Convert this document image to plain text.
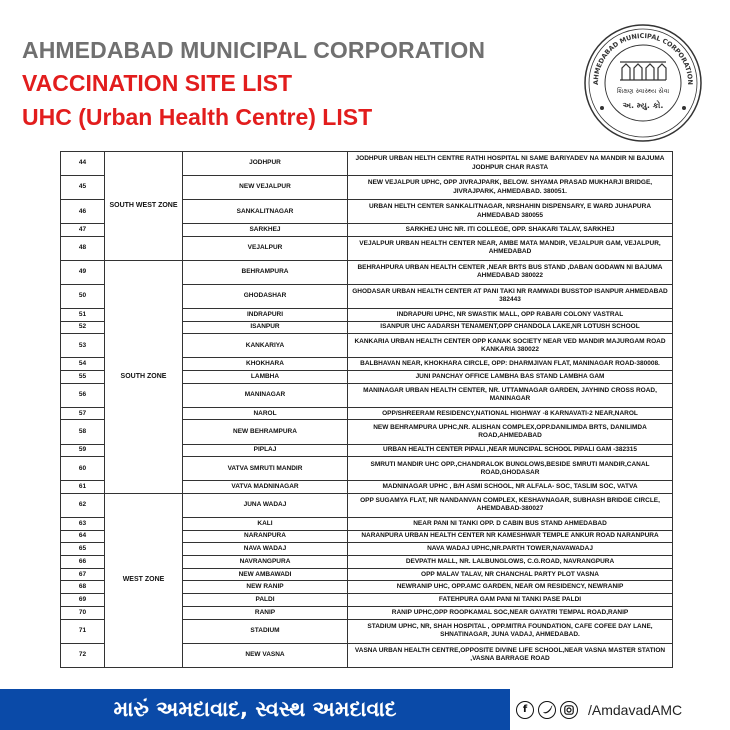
AHMEDABAD MUNICIPAL CORPORATION
VACCINATION SITE LIST
UHC (Urban Health Centre) LIST
AHMEDABAD MUNICIPAL CORPORATION
શિક્ષણ સ્વાસ્થ્ય સેવા
અ. મ્યુ. કો.
44	SOUTH WEST ZONE	JODHPUR	JODHPUR URBAN HELTH CENTRE RATHI HOSPITAL NI SAME BARIYADEV NA MANDIR NI BAJUMA JODHPUR CHAR RASTA
45		NEW VEJALPUR	NEW VEJALPUR UPHC, OPP JIVRAJPARK, BELOW. SHYAMA PRASAD MUKHARJI BRIDGE, JIVRAJPARK, AHMEDABAD. 380051.
46		SANKALITNAGAR	URBAN HELTH CENTER SANKALITNAGAR, NRSHAHIN DISPENSARY, E WARD JUHAPURA AHMEDABAD 380055
47		SARKHEJ	SARKHEJ UHC NR. ITI COLLEGE, OPP. SHAKARI TALAV, SARKHEJ
48		VEJALPUR	VEJALPUR URBAN HEALTH CENTER NEAR, AMBE MATA MANDIR, VEJALPUR GAM, VEJALPUR, AHMEDABAD
49	SOUTH ZONE	BEHRAMPURA	BEHRAHPURA URBAN HEALTH CENTER ,NEAR BRTS BUS STAND ,DABAN GODAWN NI BAJUMA AHMEDABAD 380022
50		GHODASHAR	GHODASAR URBAN HEALTH CENTER AT PANI TAKI NR RAMWADI BUSSTOP ISANPUR AHMEDABAD 382443
51		INDRAPURI	INDRAPURI UPHC, NR SWASTIK MALL, OPP RABARI COLONY VASTRAL
52		ISANPUR	ISANPUR UHC AADARSH TENAMENT,OPP CHANDOLA LAKE,NR LOTUSH SCHOOL
53		KANKARIYA	KANKARIA URBAN HEALTH CENTER OPP KANAK SOCIETY NEAR VED MANDIR MAJURGAM ROAD KANKARIA 380022
54		KHOKHARA	BALBHAVAN NEAR, KHOKHARA CIRCLE, OPP: DHARMJIVAN FLAT, MANINAGAR ROAD-380008.
55		LAMBHA	JUNI PANCHAY OFFICE LAMBHA BAS STAND LAMBHA GAM
56		MANINAGAR	MANINAGAR URBAN HEALTH CENTER, NR. UTTAMNAGAR GARDEN, JAYHIND CROSS ROAD, MANINAGAR
57		NAROL	OPP/SHREERAM RESIDENCY,NATIONAL HIGHWAY -8 KARNAVATI-2 NEAR,NAROL
58		NEW BEHRAMPURA	NEW BEHRAMPURA UPHC,NR. ALISHAN COMPLEX,OPP.DANILIMDA BRTS, DANILIMDA ROAD,AHMEDABAD
59		PIPLAJ	URBAN HEALTH CENTER PIPALI ,NEAR MUNCIPAL SCHOOL PIPALI GAM -382315
60		VATVA SMRUTI MANDIR	SMRUTI MANDIR UHC OPP.,CHANDRALOK BUNGLOWS,BESIDE SMRUTI MANDIR,CANAL ROAD,GHODASAR
61		VATVA MADNINAGAR	MADNINAGAR UPHC , B/H ASMI SCHOOL, NR ALFALA- SOC, TASLIM SOC, VATVA
62	WEST ZONE	JUNA WADAJ	OPP SUGAMYA FLAT, NR NANDANVAN COMPLEX, KESHAVNAGAR, SUBHASH BRIDGE CIRCLE, AHEMDABAD-380027
63		KALI	NEAR PANI NI TANKI OPP. D CABIN BUS STAND AHMEDABAD
64		NARANPURA	NARANPURA URBAN HEALTH CENTER NR KAMESHWAR TEMPLE ANKUR ROAD NARANPURA
65		NAVA WADAJ	NAVA WADAJ UPHC,NR.PARTH TOWER,NAVAWADAJ
66		NAVRANGPURA	DEVPATH MALL, NR. LALBUNGLOWS, C.G.ROAD, NAVRANGPURA
67		NEW AMBAWADI	OPP MALAV TALAV, NR CHANCHAL PARTY PLOT VASNA
68		NEW RANIP	NEWRANIP UHC, OPP.AMC GARDEN, NEAR OM RESIDENCY, NEWRANIP
69		PALDI	FATEHPURA GAM PANI NI TANKI PASE PALDI
70		RANIP	RANIP UPHC,OPP ROOPKAMAL SOC,NEAR GAYATRI TEMPAL ROAD,RANIP
71		STADIUM	STADIUM UPHC, NR, SHAH HOSPITAL , OPP.MITRA FOUNDATION, CAFE COFEE DAY LANE, SHNATINAGAR, JUNA VADAJ, AHMEDABAD.
72		NEW VASNA	VASNA URBAN HEALTH CENTRE,OPPOSITE DIVINE LIFE SCHOOL,NEAR VASNA MASTER STATION ,VASNA BARRAGE ROAD
મારું અમદાવાદ, સ્વસ્થ અમદાવાદ	f	/AmdavadAMC
